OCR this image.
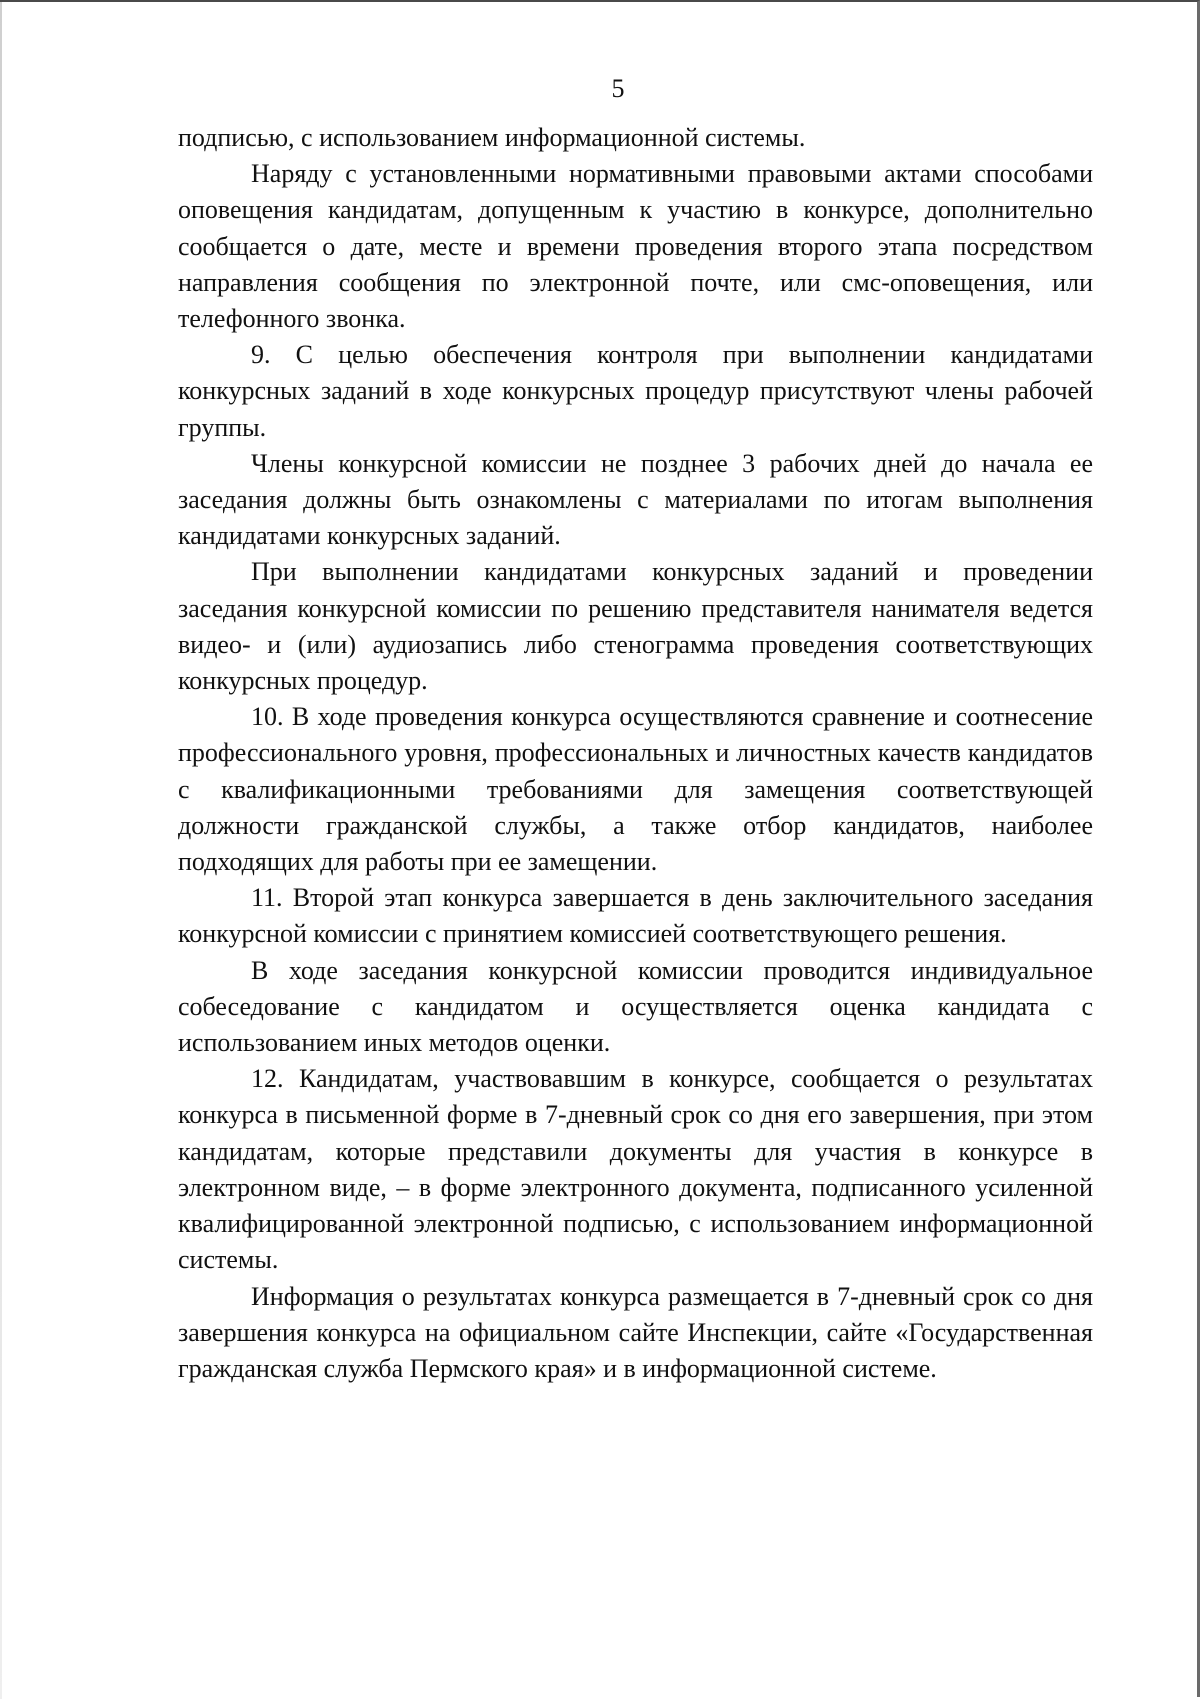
5

подписью, с использованием информационной системы.

Наряду с установленными нормативными правовыми актами способами оповещения кандидатам, допущенным к участию в конкурсе, дополнительно сообщается о дате, месте и времени проведения второго этапа посредством направления сообщения по электронной почте, или смс-оповещения, или телефонного звонка.

9. С целью обеспечения контроля при выполнении кандидатами конкурсных заданий в ходе конкурсных процедур присутствуют члены рабочей группы.

Члены конкурсной комиссии не позднее 3 рабочих дней до начала ее заседания должны быть ознакомлены с материалами по итогам выполнения кандидатами конкурсных заданий.

При выполнении кандидатами конкурсных заданий и проведении заседания конкурсной комиссии по решению представителя нанимателя ведется видео- и (или) аудиозапись либо стенограмма проведения соответствующих конкурсных процедур.

10. В ходе проведения конкурса осуществляются сравнение и соотнесение профессионального уровня, профессиональных и личностных качеств кандидатов с квалификационными требованиями для замещения соответствующей должности гражданской службы, а также отбор кандидатов, наиболее подходящих для работы при ее замещении.

11. Второй этап конкурса завершается в день заключительного заседания конкурсной комиссии с принятием комиссией соответствующего решения.

В ходе заседания конкурсной комиссии проводится индивидуальное собеседование с кандидатом и осуществляется оценка кандидата с использованием иных методов оценки.

12. Кандидатам, участвовавшим в конкурсе, сообщается о результатах конкурса в письменной форме в 7-дневный срок со дня его завершения, при этом кандидатам, которые представили документы для участия в конкурсе в электронном виде, – в форме электронного документа, подписанного усиленной квалифицированной электронной подписью, с использованием информационной системы.

Информация о результатах конкурса размещается в 7-дневный срок со дня завершения конкурса на официальном сайте Инспекции, сайте «Государственная гражданская служба Пермского края» и в информационной системе.
